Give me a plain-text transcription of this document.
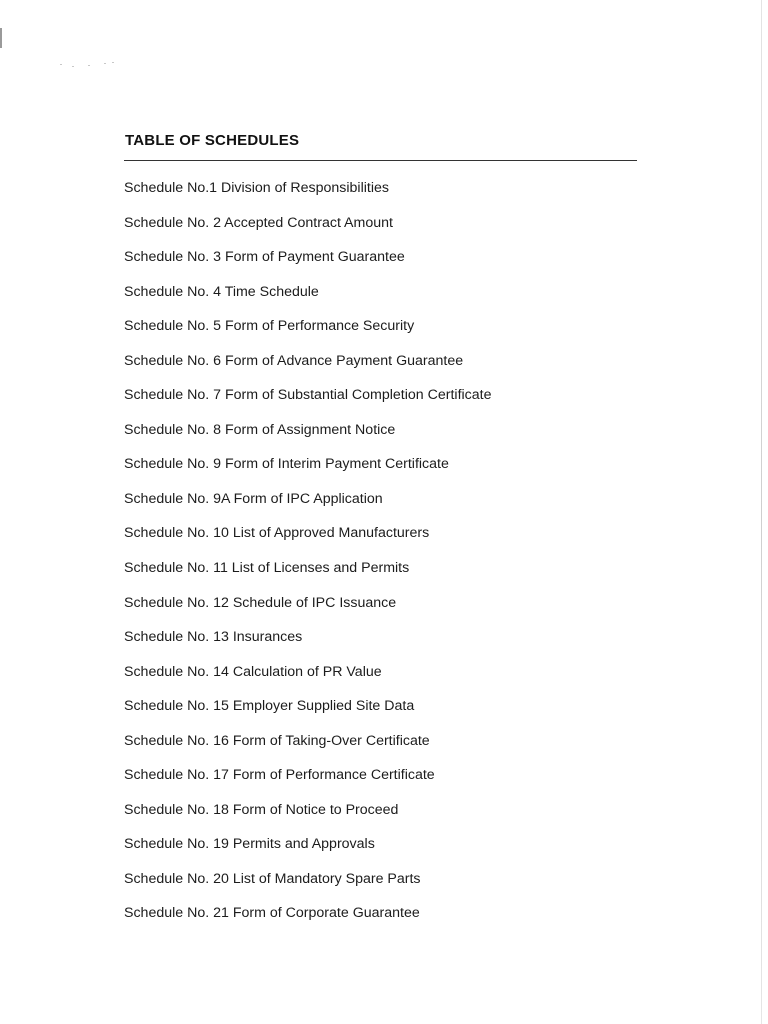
TABLE OF SCHEDULES
Schedule No.1 Division of Responsibilities
Schedule No. 2 Accepted Contract Amount
Schedule No. 3 Form of Payment Guarantee
Schedule No. 4 Time Schedule
Schedule No. 5 Form of Performance Security
Schedule No. 6 Form of Advance Payment Guarantee
Schedule No. 7 Form of Substantial Completion Certificate
Schedule No. 8 Form of Assignment Notice
Schedule No. 9 Form of Interim Payment Certificate
Schedule No. 9A Form of IPC Application
Schedule No. 10 List of Approved Manufacturers
Schedule No. 11 List of Licenses and Permits
Schedule No. 12 Schedule of IPC Issuance
Schedule No. 13 Insurances
Schedule No. 14 Calculation of PR Value
Schedule No. 15 Employer Supplied Site Data
Schedule No. 16 Form of Taking-Over Certificate
Schedule No. 17 Form of Performance Certificate
Schedule No. 18 Form of Notice to Proceed
Schedule No. 19 Permits and Approvals
Schedule No. 20 List of Mandatory Spare Parts
Schedule No. 21 Form of Corporate Guarantee
